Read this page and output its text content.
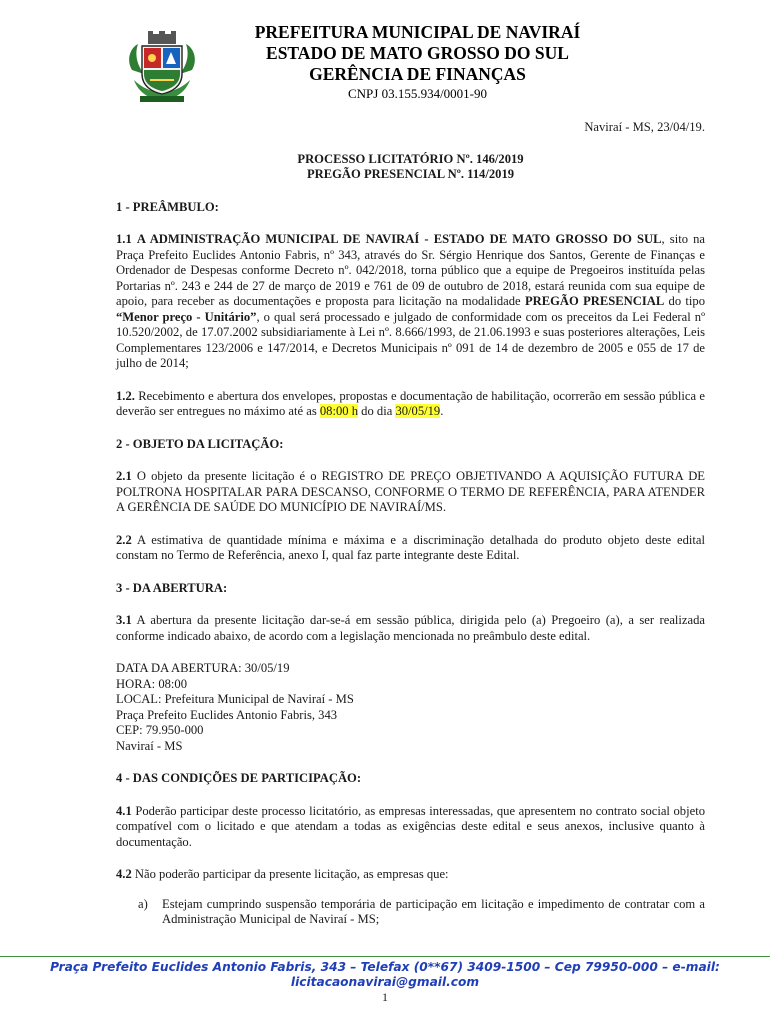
PREFEITURA MUNICIPAL DE NAVIRAÍ
ESTADO DE MATO GROSSO DO SUL
GERÊNCIA DE FINANÇAS
CNPJ 03.155.934/0001-90
Naviraí - MS, 23/04/19.
PROCESSO LICITATÓRIO Nº. 146/2019
PREGÃO PRESENCIAL Nº. 114/2019
1 - PREÂMBULO:

1.1 A ADMINISTRAÇÃO MUNICIPAL DE NAVIRAÍ - ESTADO DE MATO GROSSO DO SUL, sito na Praça Prefeito Euclides Antonio Fabris, nº 343, através do Sr. Sérgio Henrique dos Santos, Gerente de Finanças e Ordenador de Despesas conforme Decreto nº. 042/2018, torna público que a equipe de Pregoeiros instituída pelas Portarias nº. 243 e 244 de 27 de março de 2019 e 761 de 09 de outubro de 2018, estará reunida com sua equipe de apoio, para receber as documentações e proposta para licitação na modalidade PREGÃO PRESENCIAL do tipo “Menor preço - Unitário”, o qual será processado e julgado de conformidade com os preceitos da Lei Federal nº 10.520/2002, de 17.07.2002 subsidiariamente à Lei nº. 8.666/1993, de 21.06.1993 e suas posteriores alterações, Leis Complementares 123/2006 e 147/2014, e Decretos Municipais nº 091 de 14 de dezembro de 2005 e 055 de 17 de julho de 2014;

1.2. Recebimento e abertura dos envelopes, propostas e documentação de habilitação, ocorrerão em sessão pública e deverão ser entregues no máximo até as 08:00 h do dia 30/05/19.

2 - OBJETO DA LICITAÇÃO:

2.1 O objeto da presente licitação é o REGISTRO DE PREÇO OBJETIVANDO A AQUISIÇÃO FUTURA DE POLTRONA HOSPITALAR PARA DESCANSO, CONFORME O TERMO DE REFERÊNCIA, PARA ATENDER A GERÊNCIA DE SAÚDE DO MUNICÍPIO DE NAVIRAÍ/MS.

2.2 A estimativa de quantidade mínima e máxima e a discriminação detalhada do produto objeto deste edital constam no Termo de Referência, anexo I, qual faz parte integrante deste Edital.

3 - DA ABERTURA:

3.1 A abertura da presente licitação dar-se-á em sessão pública, dirigida pelo (a) Pregoeiro (a), a ser realizada conforme indicado abaixo, de acordo com a legislação mencionada no preâmbulo deste edital.

DATA DA ABERTURA: 30/05/19
HORA: 08:00
LOCAL: Prefeitura Municipal de Naviraí - MS
Praça Prefeito Euclides Antonio Fabris, 343
CEP: 79.950-000
Naviraí - MS
4 - DAS CONDIÇÕES DE PARTICIPAÇÃO:

4.1 Poderão participar deste processo licitatório, as empresas interessadas, que apresentem no contrato social objeto compatível com o licitado e que atendam a todas as exigências deste edital e seus anexos, inclusive quanto à documentação.

4.2 Não poderão participar da presente licitação, as empresas que:

a)	Estejam cumprindo suspensão temporária de participação em licitação e impedimento de contratar com a Administração Municipal de Naviraí - MS;
Praça Prefeito Euclides Antonio Fabris, 343 – Telefax (0**67) 3409-1500 – Cep 79950-000 – e-mail: licitacaonavirai@gmail.com
1
